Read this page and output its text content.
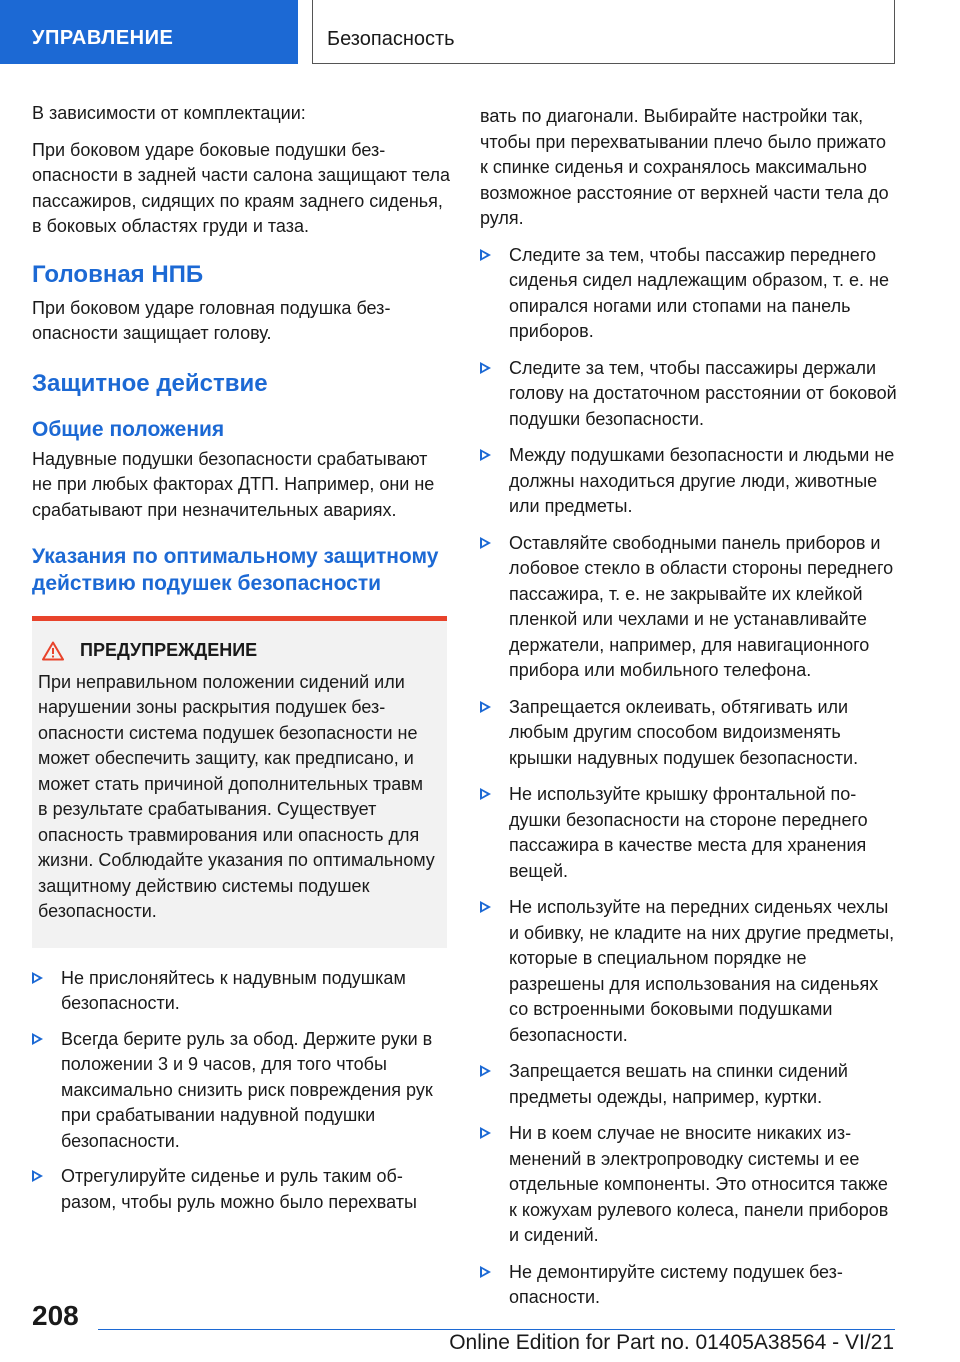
УПРАВЛЕНИЕ	Безопасность

В зависимости от комплектации:

При боковом ударе боковые подушки безопасности в задней части салона защищают тела пассажиров, сидящих по краям заднего сиденья, в боковых областях груди и таза.

Головная НПБ

При боковом ударе головная подушка безопасности защищает голову.

Защитное действие
Общие положения

Надувные подушки безопасности срабатывают не при любых факторах ДТП. Например, они не срабатывают при незначительных авариях.

Указания по оптимальному защитному действию подушек безопасности
ПРЕДУПРЕЖДЕНИЕ

При неправильном положении сидений или нарушении зоны раскрытия подушек безопасности система подушек безопасности не может обеспечить защиту, как предписано, и может стать причиной дополнительных травм в результате срабатывания. Существует опасность травмирования или опасность для жизни. Соблюдайте указания по оптимальному защитному действию системы подушек безопасности.

Не прислоняйтесь к надувным подушкам безопасности.
Всегда берите руль за обод. Держите руки в положении 3 и 9 часов, для того чтобы максимально снизить риск повреждения рук при срабатывании надувной подушки безопасности.
Отрегулируйте сиденье и руль таким образом, чтобы руль можно было перехваты

вать по диагонали. Выбирайте настройки так, чтобы при перехватывании плечо было прижато к спинке сиденья и сохранялось максимально возможное расстояние от верхней части тела до руля.

Следите за тем, чтобы пассажир переднего сиденья сидел надлежащим образом, т. е. не опирался ногами или стопами на панель приборов.
Следите за тем, чтобы пассажиры держали голову на достаточном расстоянии от боковой подушки безопасности.
Между подушками безопасности и людьми не должны находиться другие люди, животные или предметы.
Оставляйте свободными панель приборов и лобовое стекло в области стороны переднего пассажира, т. е. не закрывайте их клейкой пленкой или чехлами и не устанавливайте держатели, например, для навигационного прибора или мобильного телефона.
Запрещается оклеивать, обтягивать или любым другим способом видоизменять крышки надувных подушек безопасности.
Не используйте крышку фронтальной подушки безопасности на стороне переднего пассажира в качестве места для хранения вещей.
Не используйте на передних сиденьях чехлы и обивку, не кладите на них другие предметы, которые в специальном порядке не разрешены для использования на сиденьях со встроенными боковыми подушками безопасности.
Запрещается вешать на спинки сидений предметы одежды, например, куртки.
Ни в коем случае не вносите никаких изменений в электропроводку системы и ее отдельные компоненты. Это относится также к кожухам рулевого колеса, панели приборов и сидений.
Не демонтируйте систему подушек безопасности.
208
Online Edition for Part no. 01405A38564 - VI/21
